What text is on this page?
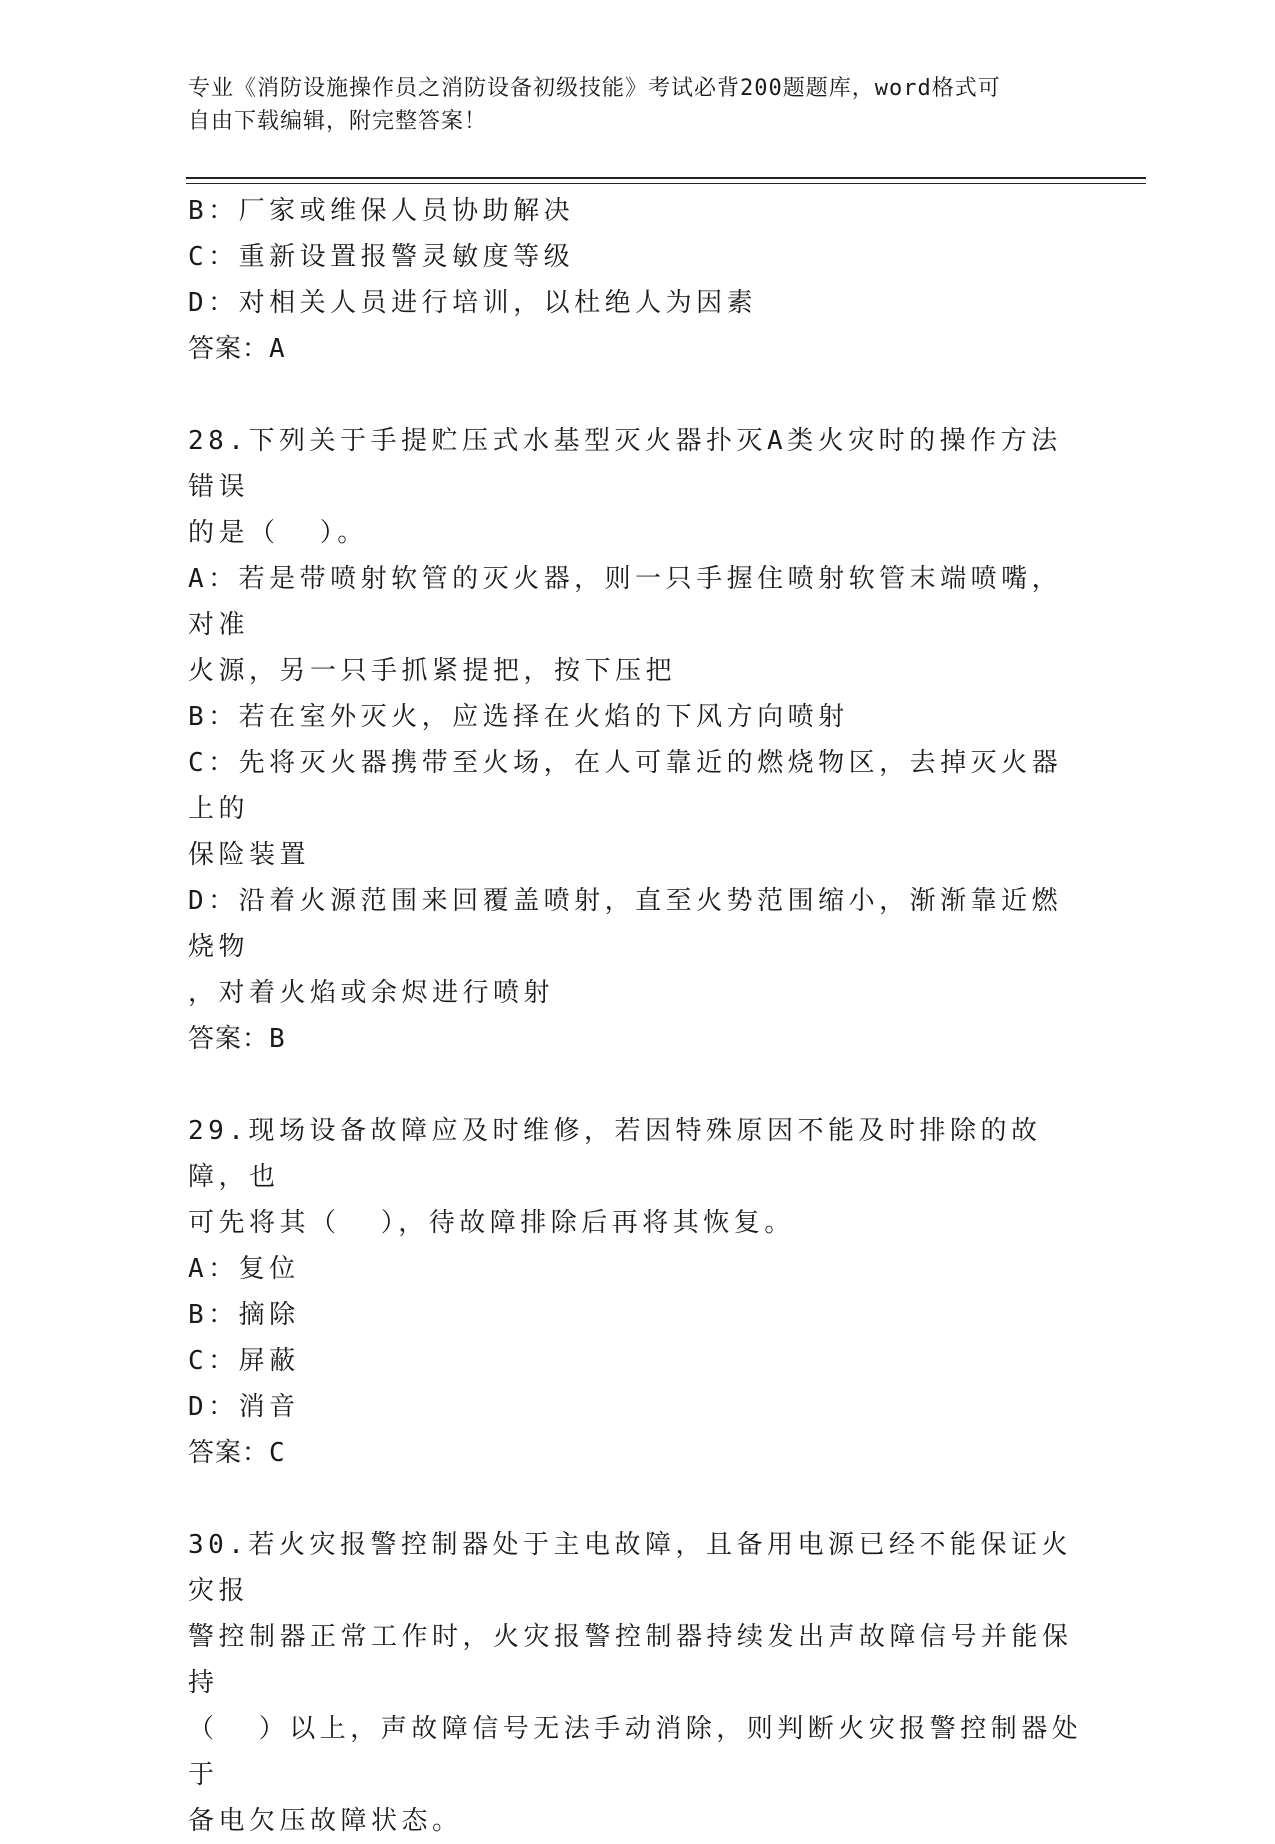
专业《消防设施操作员之消防设备初级技能》考试必背200题题库，word格式可
自由下载编辑，附完整答案！
B：厂家或维保人员协助解决
C：重新设置报警灵敏度等级
D：对相关人员进行培训，以杜绝人为因素
答案：A
28.下列关于手提贮压式水基型灭火器扑灭A类火灾时的操作方法错误
的是（  ）。
A：若是带喷射软管的灭火器，则一只手握住喷射软管末端喷嘴，对准
火源，另一只手抓紧提把，按下压把
B：若在室外灭火，应选择在火焰的下风方向喷射
C：先将灭火器携带至火场，在人可靠近的燃烧物区，去掉灭火器上的
保险装置
D：沿着火源范围来回覆盖喷射，直至火势范围缩小，渐渐靠近燃烧物
，对着火焰或余烬进行喷射
答案：B
29.现场设备故障应及时维修，若因特殊原因不能及时排除的故障，也
可先将其（  ），待故障排除后再将其恢复。
A：复位
B：摘除
C：屏蔽
D：消音
答案：C
30.若火灾报警控制器处于主电故障，且备用电源已经不能保证火灾报
警控制器正常工作时，火灾报警控制器持续发出声故障信号并能保持
（  ）以上，声故障信号无法手动消除，则判断火灾报警控制器处于
备电欠压故障状态。
